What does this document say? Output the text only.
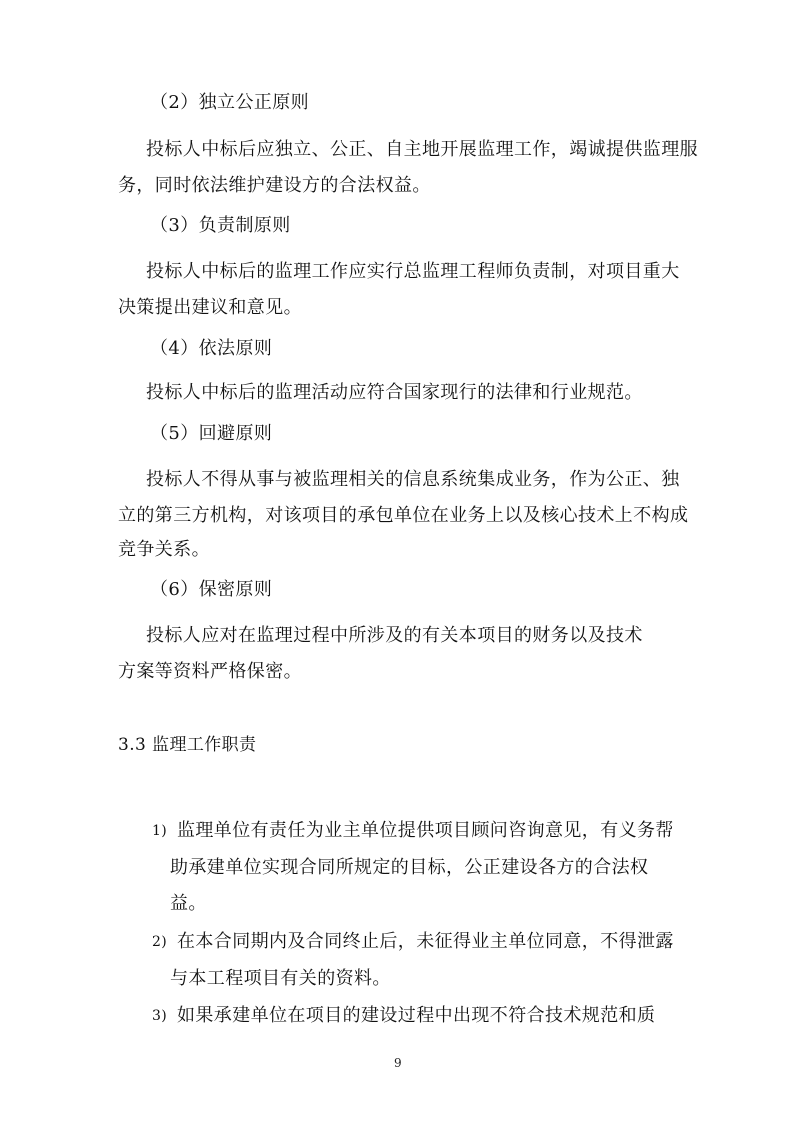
（2）独立公正原则
投标人中标后应独立、公正、自主地开展监理工作，竭诚提供监理服
务，同时依法维护建设方的合法权益。
（3）负责制原则
投标人中标后的监理工作应实行总监理工程师负责制，对项目重大
决策提出建议和意见。
（4）依法原则
投标人中标后的监理活动应符合国家现行的法律和行业规范。
（5）回避原则
投标人不得从事与被监理相关的信息系统集成业务，作为公正、独
立的第三方机构，对该项目的承包单位在业务上以及核心技术上不构成
竞争关系。
（6）保密原则
投标人应对在监理过程中所涉及的有关本项目的财务以及技术
方案等资料严格保密。
3.3 监理工作职责
1) 监理单位有责任为业主单位提供项目顾问咨询意见，有义务帮
助承建单位实现合同所规定的目标，公正建设各方的合法权
益。
2) 在本合同期内及合同终止后，未征得业主单位同意，不得泄露
与本工程项目有关的资料。
3) 如果承建单位在项目的建设过程中出现不符合技术规范和质
9
